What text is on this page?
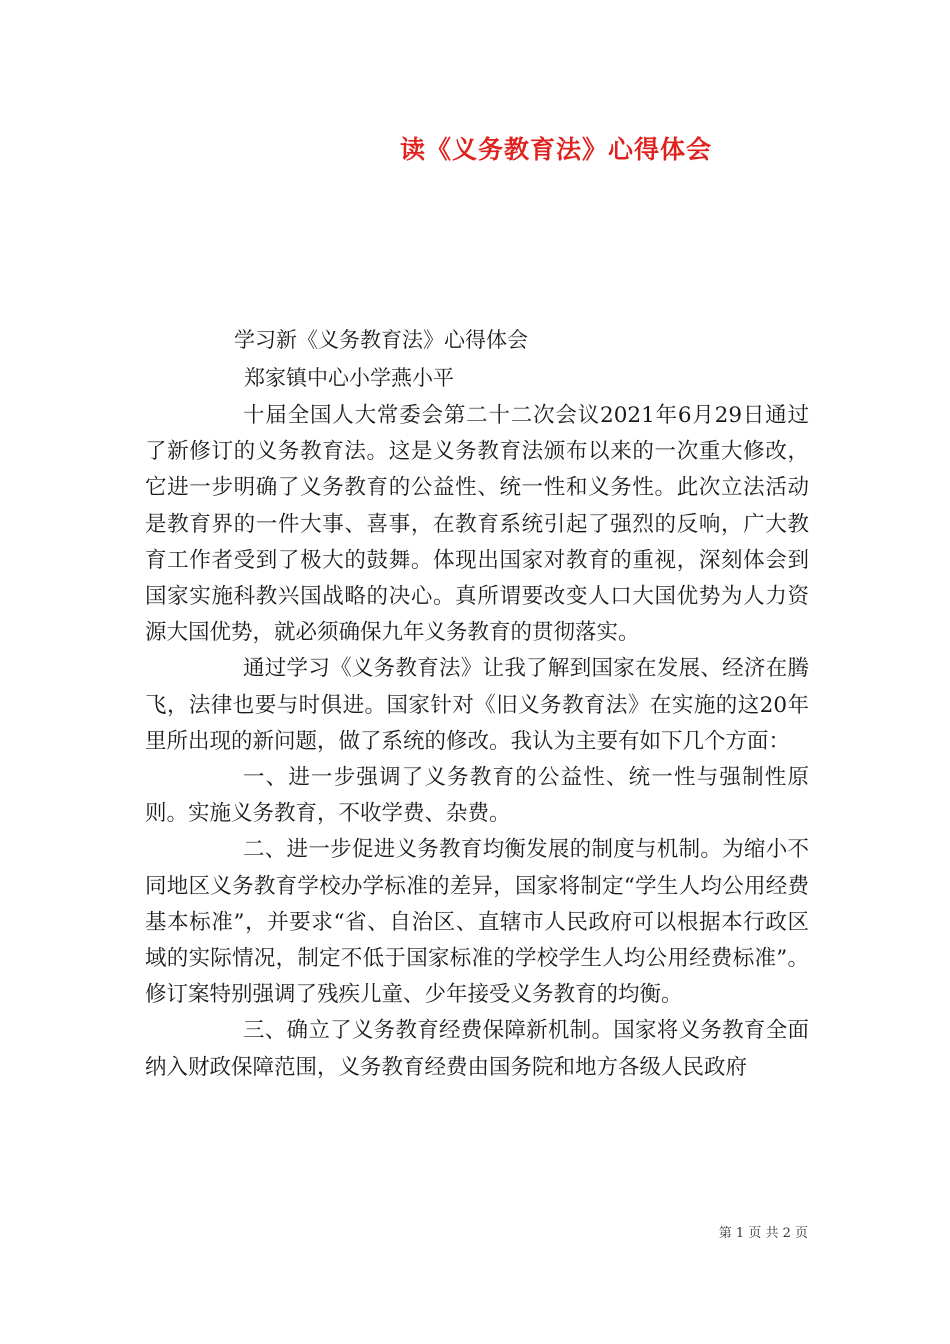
读《义务教育法》心得体会

学习新《义务教育法》心得体会

郑家镇中心小学燕小平

十届全国人大常委会第二十二次会议2021年6月29日通过了新修订的义务教育法。这是义务教育法颁布以来的一次重大修改，它进一步明确了义务教育的公益性、统一性和义务性。此次立法活动是教育界的一件大事、喜事，在教育系统引起了强烈的反响，广大教育工作者受到了极大的鼓舞。体现出国家对教育的重视，深刻体会到国家实施科教兴国战略的决心。真所谓要改变人口大国优势为人力资源大国优势，就必须确保九年义务教育的贯彻落实。

通过学习《义务教育法》让我了解到国家在发展、经济在腾飞，法律也要与时俱进。国家针对《旧义务教育法》在实施的这20年里所出现的新问题，做了系统的修改。我认为主要有如下几个方面：

一、进一步强调了义务教育的公益性、统一性与强制性原则。实施义务教育，不收学费、杂费。

二、进一步促进义务教育均衡发展的制度与机制。为缩小不同地区义务教育学校办学标准的差异，国家将制定“学生人均公用经费基本标准”，并要求“省、自治区、直辖市人民政府可以根据本行政区域的实际情况，制定不低于国家标准的学校学生人均公用经费标准”。修订案特别强调了残疾儿童、少年接受义务教育的均衡。

三、确立了义务教育经费保障新机制。国家将义务教育全面纳入财政保障范围，义务教育经费由国务院和地方各级人民政府

第 1 页 共 2 页
